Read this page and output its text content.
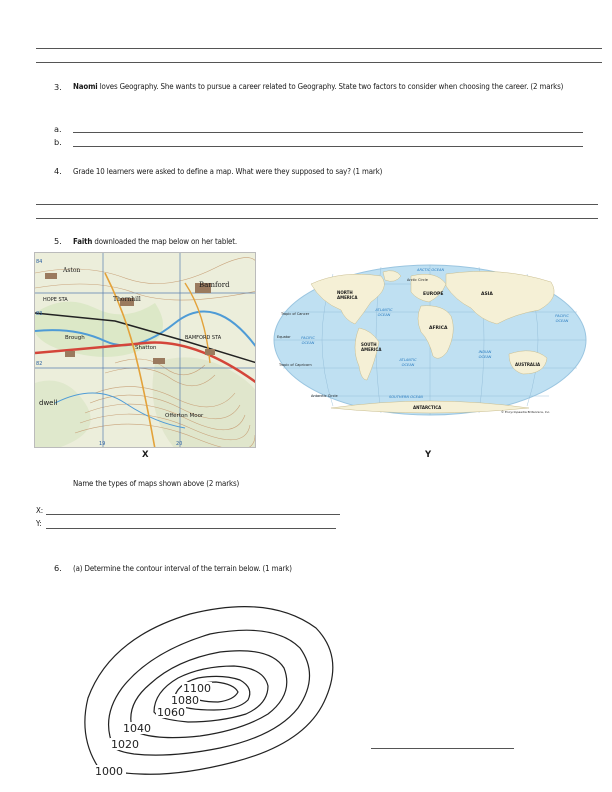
3. Naomi loves Geography. She wants to pursue a career related to Geography. State two factors to consider when choosing the career. (2 marks)
a.
b.
4. Grade 10 learners were asked to define a map. What were they supposed to say? (1 mark)
5. Faith downloaded the map below on her tablet.
Aston
Thornhill
Bamford
HOPE STA
Brough	BAMFORD STA
Shatton
dwell
Offerton Moor
84
83
82
19	20
X
NORTH AMERICA
SOUTH AMERICA
EUROPE	ASIA
AFRICA
AUSTRALIA
ANTARCTICA
ATLANTIC OCEAN
ATLANTIC OCEAN
PACIFIC OCEAN
PACIFIC OCEAN
INDIAN OCEAN
ARCTIC OCEAN
SOUTHERN OCEAN
Arctic Circle
Tropic of Cancer
Equator
Tropic of Capricorn
Antarctic Circle
© Encyclopaedia Britannica, Inc.
Y
Name the types of maps shown above (2 marks)
X:
Y:
6. (a) Determine the contour interval of the terrain below. (1 mark)
1100
1080
1060
1040
1020
1000
